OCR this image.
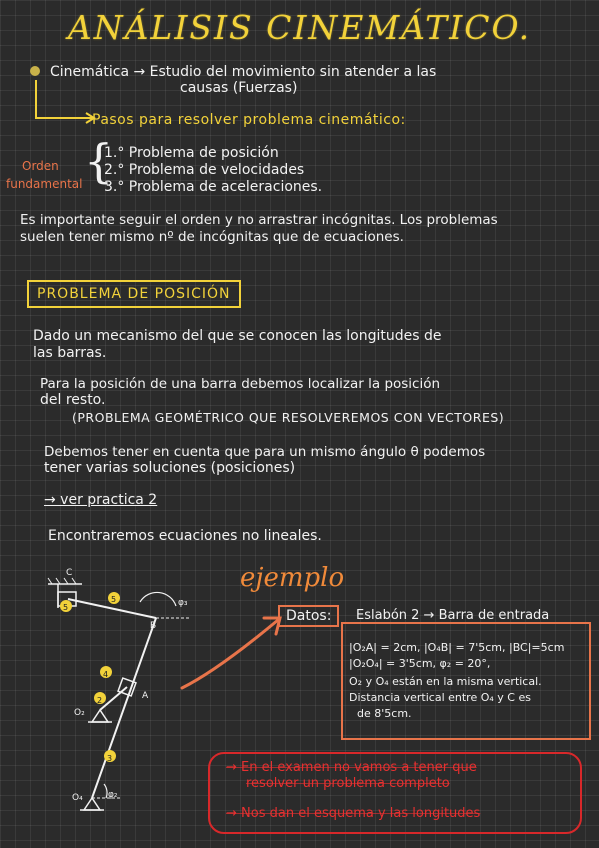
ANÁLISIS CINEMÁTICO.
Cinemática → Estudio del movimiento sin atender a las
causas (Fuerzas)
Pasos para resolver problema cinemático:
Orden
fundamental {
1.° Problema de posición
2.° Problema de velocidades
3.° Problema de aceleraciones.
Es importante seguir el orden y no arrastrar incógnitas. Los problemas
suelen tener mismo nº de incógnitas que de ecuaciones.
PROBLEMA DE POSICIÓN
Dado un mecanismo del que se conocen las longitudes de
las barras.
Para la posición de una barra debemos localizar la posición
del resto.
(PROBLEMA GEOMÉTRICO QUE RESOLVEREMOS CON VECTORES)
Debemos tener en cuenta que para un mismo ángulo θ podemos
tener varias soluciones (posiciones)
→ ver practica 2
Encontraremos ecuaciones no lineales.
ejemplo
C
B
A
O₂
O₄
φ₃
φ₂
5
5
4
2
3
Datos:	Eslabón 2 → Barra de entrada
|O₂A| = 2cm, |O₄B| = 7'5cm, |BC|=5cm
|O₂O₄| = 3'5cm, φ₂ = 20°,
O₂ y O₄ están en la misma vertical.
Distancia vertical entre O₄ y C es
de 8'5cm.
→ En el examen no vamos a tener que
resolver un problema completo
→ Nos dan el esquema y las longitudes
